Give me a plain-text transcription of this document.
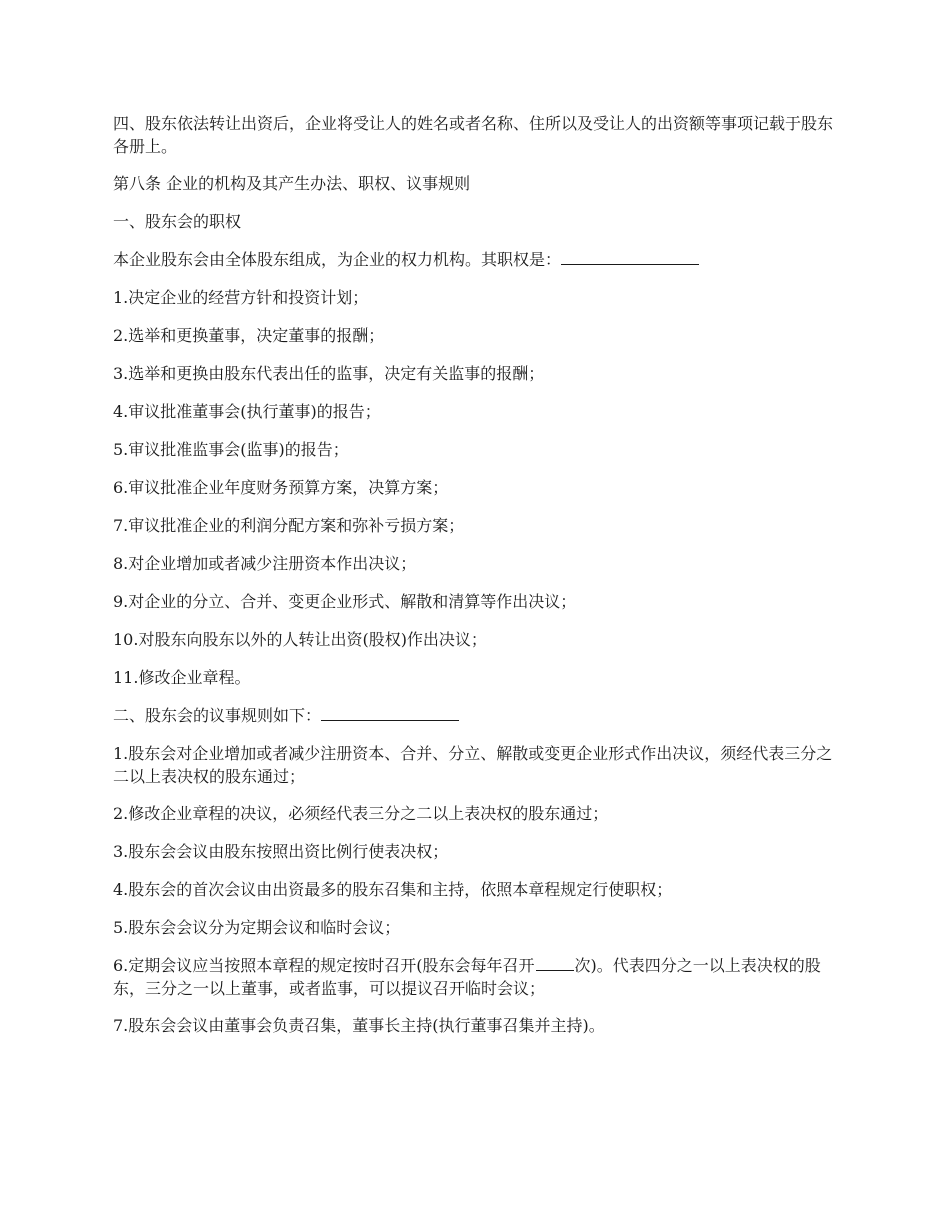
四、股东依法转让出资后，企业将受让人的姓名或者名称、住所以及受让人的出资额等事项记载于股东各册上。

第八条 企业的机构及其产生办法、职权、议事规则

一、股东会的职权

本企业股东会由全体股东组成，为企业的权力机构。其职权是：

1.决定企业的经营方针和投资计划；

2.选举和更换董事，决定董事的报酬；

3.选举和更换由股东代表出任的监事，决定有关监事的报酬；

4.审议批准董事会(执行董事)的报告；

5.审议批准监事会(监事)的报告；

6.审议批准企业年度财务预算方案，决算方案；

7.审议批准企业的利润分配方案和弥补亏损方案；

8.对企业增加或者减少注册资本作出决议；

9.对企业的分立、合并、变更企业形式、解散和清算等作出决议；

10.对股东向股东以外的人转让出资(股权)作出决议；

11.修改企业章程。

二、股东会的议事规则如下：

1.股东会对企业增加或者减少注册资本、合并、分立、解散或变更企业形式作出决议，须经代表三分之二以上表决权的股东通过；

2.修改企业章程的决议，必须经代表三分之二以上表决权的股东通过；

3.股东会会议由股东按照出资比例行使表决权；

4.股东会的首次会议由出资最多的股东召集和主持，依照本章程规定行使职权；

5.股东会会议分为定期会议和临时会议；

6.定期会议应当按照本章程的规定按时召开(股东会每年召开	次)。代表四分之一以上表决权的股东，三分之一以上董事，或者监事，可以提议召开临时会议；

7.股东会会议由董事会负责召集，董事长主持(执行董事召集并主持)。
